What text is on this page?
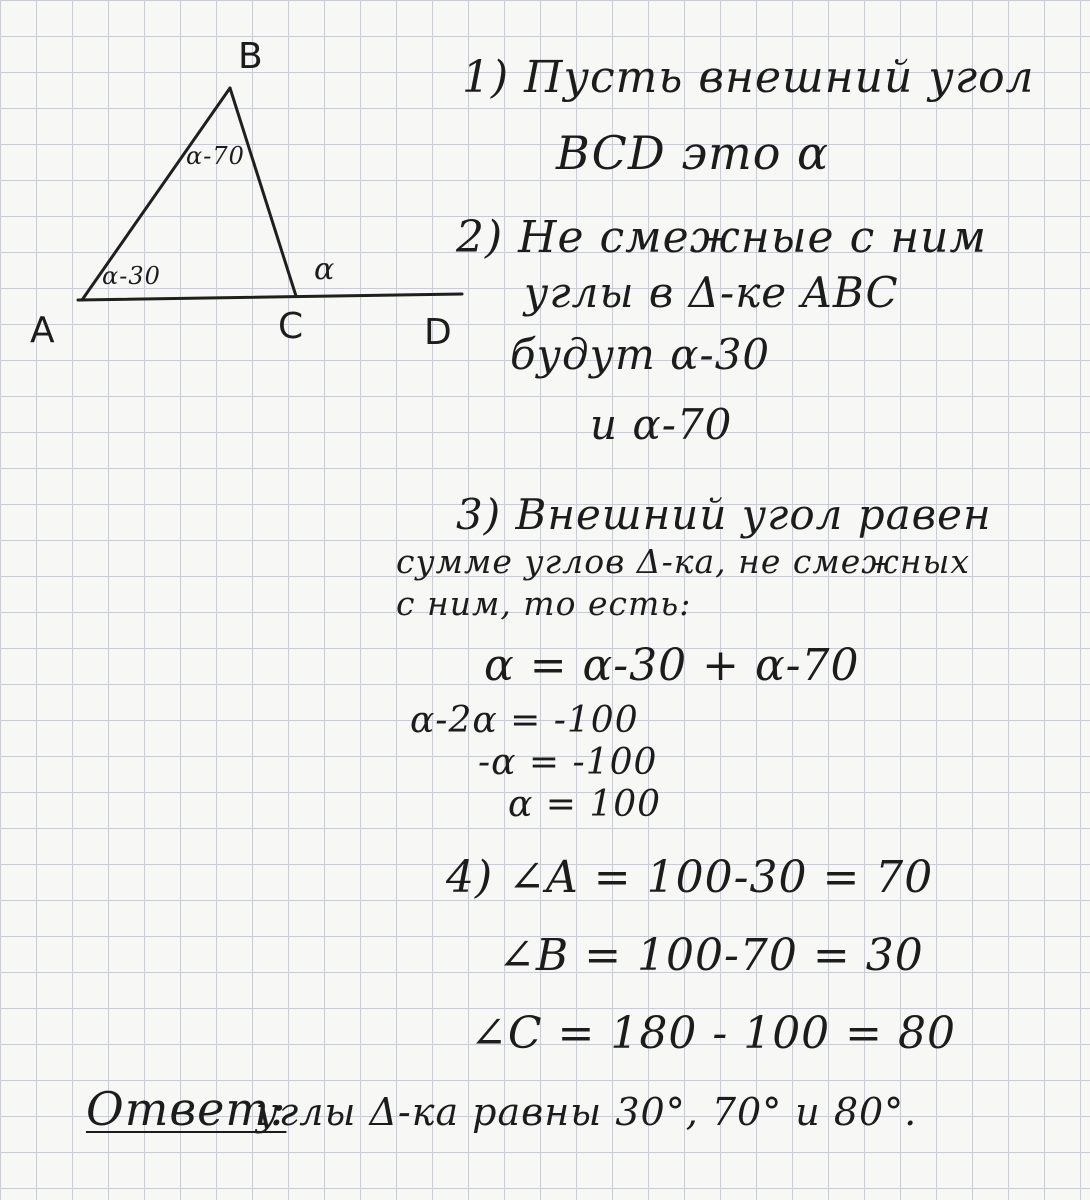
B
A	C	D
α-70
α-30	α
1) Пусть внешний угол
BCD это α
2) Не смежные с ним
углы в Δ-ке ABC
будут α-30
и α-70
3) Внешний угол равен
сумме углов Δ-ка, не смежных
с ним, то есть:
α = α-30 + α-70
α-2α = -100
-α = -100
α = 100
4) ∠A = 100-30 = 70
∠B = 100-70 = 30
∠C = 180 - 100 = 80
Ответ:
углы Δ-ка равны 30°, 70° и 80°.
